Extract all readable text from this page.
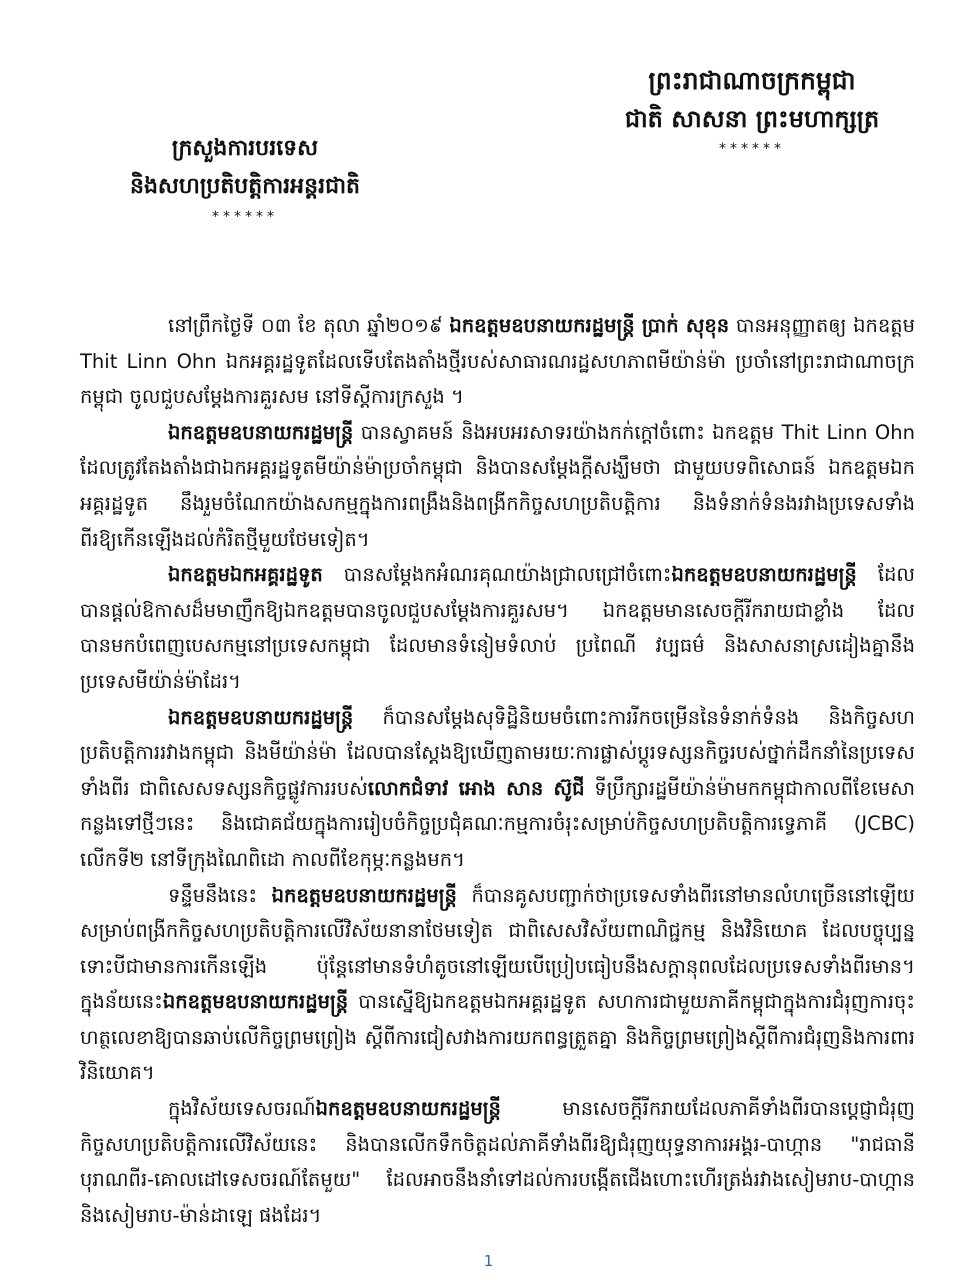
ព្រះរាជាណាចក្រកម្ពុជា
ជាតិ សាសនា ព្រះមហាក្សត្រ
******
ក្រសួងការបរទេស
និងសហប្រតិបត្តិការអន្តរជាតិ
******

នៅព្រឹកថ្ងៃទី ០៣ ខែ តុលា ឆ្នាំ២០១៩ ឯកឧត្តមឧបនាយករដ្ឋមន្ត្រី ប្រាក់ សុខុន បានអនុញ្ញាតឲ្យ ឯកឧត្តម Thit Linn Ohn ឯកអគ្គរដ្ឋទូតដែលទើបតែងតាំងថ្មីរបស់សាធារណរដ្ឋសហភាពមីយ៉ាន់ម៉ា ប្រចាំនៅព្រះរាជាណាចក្រកម្ពុជា ចូលជួបសម្តែងការគួរសម នៅទីស្តីការក្រសួង ។

ឯកឧត្តមឧបនាយករដ្ឋមន្ត្រី បានស្វាគមន៍ និងអបអរសាទរយ៉ាងកក់ក្តៅចំពោះ ឯកឧត្តម Thit Linn Ohn ដែលត្រូវតែងតាំងជាឯកអគ្គរដ្ឋទូតមីយ៉ាន់ម៉ាប្រចាំកម្ពុជា និងបានសម្តែងក្តីសង្ឃឹមថា ជាមួយបទពិសោធន៍ ឯកឧត្តមឯកអគ្គរដ្ឋទូត នឹងរួមចំណែកយ៉ាងសកម្មក្នុងការពង្រឹងនិងពង្រីកកិច្ចសហប្រតិបត្តិការ និងទំនាក់ទំនងរវាងប្រទេសទាំងពីរឱ្យកើនឡើងដល់កំរិតថ្មីមួយថែមទៀត។

ឯកឧត្តមឯកអគ្គរដ្ឋទូត បានសម្តែងកអំណរគុណយ៉ាងជ្រាលជ្រៅចំពោះឯកឧត្តមឧបនាយករដ្ឋមន្ត្រី ដែលបានផ្តល់ឱកាសដ៏មមាញឹកឱ្យឯកឧត្តមបានចូលជួបសម្តែងការគួរសម។ ឯកឧត្តមមានសេចក្តីរីករាយជាខ្លាំង ដែលបានមកបំពេញបេសកម្មនៅប្រទេសកម្ពុជា ដែលមានទំនៀមទំលាប់ ប្រពៃណី វប្បធម៌ និងសាសនាស្រដៀងគ្នានឹងប្រទេសមីយ៉ាន់ម៉ាដែរ។

ឯកឧត្តមឧបនាយករដ្ឋមន្ត្រី ក៏បានសម្តែងសុទិដ្ឋិនិយមចំពោះការរីកចម្រើននៃទំនាក់ទំនង និងកិច្ចសហប្រតិបត្តិការរវាងកម្ពុជា និងមីយ៉ាន់ម៉ា ដែលបានស្តែងឱ្យឃើញតាមរយៈការផ្លាស់ប្តូរទស្សនកិច្ចរបស់ថ្នាក់ដឹកនាំនៃប្រទេសទាំងពីរ ជាពិសេសទស្សនកិច្ចផ្លូវការរបស់លោកជំទាវ អោង សាន ស៊ូជី ទីប្រឹក្សារដ្ឋមីយ៉ាន់ម៉ាមកកម្ពុជាកាលពីខែមេសា កន្លងទៅថ្មីៗនេះ និងជោគជ័យក្នុងការរៀបចំកិច្ចប្រជុំគណៈកម្មការចំរុះសម្រាប់កិច្ចសហប្រតិបត្តិការទ្វេភាគី (JCBC) លើកទី២ នៅទីក្រុងណៃពិដោ កាលពីខែកុម្ភៈកន្លងមក។

ទន្ទឹមនឹងនេះ ឯកឧត្តមឧបនាយករដ្ឋមន្ត្រី ក៏បានគូសបញ្ជាក់ថាប្រទេសទាំងពីរនៅមានលំហច្រើននៅឡើយសម្រាប់ពង្រីកកិច្ចសហប្រតិបត្តិការលើវិស័យនានាថែមទៀត ជាពិសេសវិស័យពាណិជ្ជកម្ម និងវិនិយោគ ដែលបច្ចុប្បន្នទោះបីជាមានការកើនឡើង ប៉ុន្តែនៅមានទំហំតូចនៅឡើយបើប្រៀបធៀបនឹងសក្តានុពលដែលប្រទេសទាំងពីរមាន។ ក្នុងន័យនេះឯកឧត្តមឧបនាយករដ្ឋមន្ត្រី បានស្នើឱ្យឯកឧត្តមឯកអគ្គរដ្ឋទូត សហការជាមួយភាគីកម្ពុជាក្នុងការជំរុញការចុះហត្ថលេខាឱ្យបានឆាប់លើកិច្ចព្រមព្រៀង ស្តីពីការជៀសវាងការយកពន្ធត្រួតគ្នា និងកិច្ចព្រមព្រៀងស្តីពីការជំរុញនិងការពារវិនិយោគ។

ក្នុងវិស័យទេសចរណ៍ឯកឧត្តមឧបនាយករដ្ឋមន្ត្រី មានសេចក្តីរីករាយដែលភាគីទាំងពីរបានប្តេជ្ញាជំរុញកិច្ចសហប្រតិបត្តិការលើវិស័យនេះ និងបានលើកទឹកចិត្តដល់ភាគីទាំងពីរឱ្យជំរុញយុទ្ធនាការអង្គរ-បាហ្កាន "រាជធានីបុរាណពីរ-គោលដៅទេសចរណ៍តែមួយ" ដែលអាចនឹងនាំទៅដល់ការបង្កើតជើងហោះហើរត្រង់រវាងសៀមរាប-បាហ្កាន និងសៀមរាប-ម៉ាន់ដាឡេ ផងដែរ។

1
